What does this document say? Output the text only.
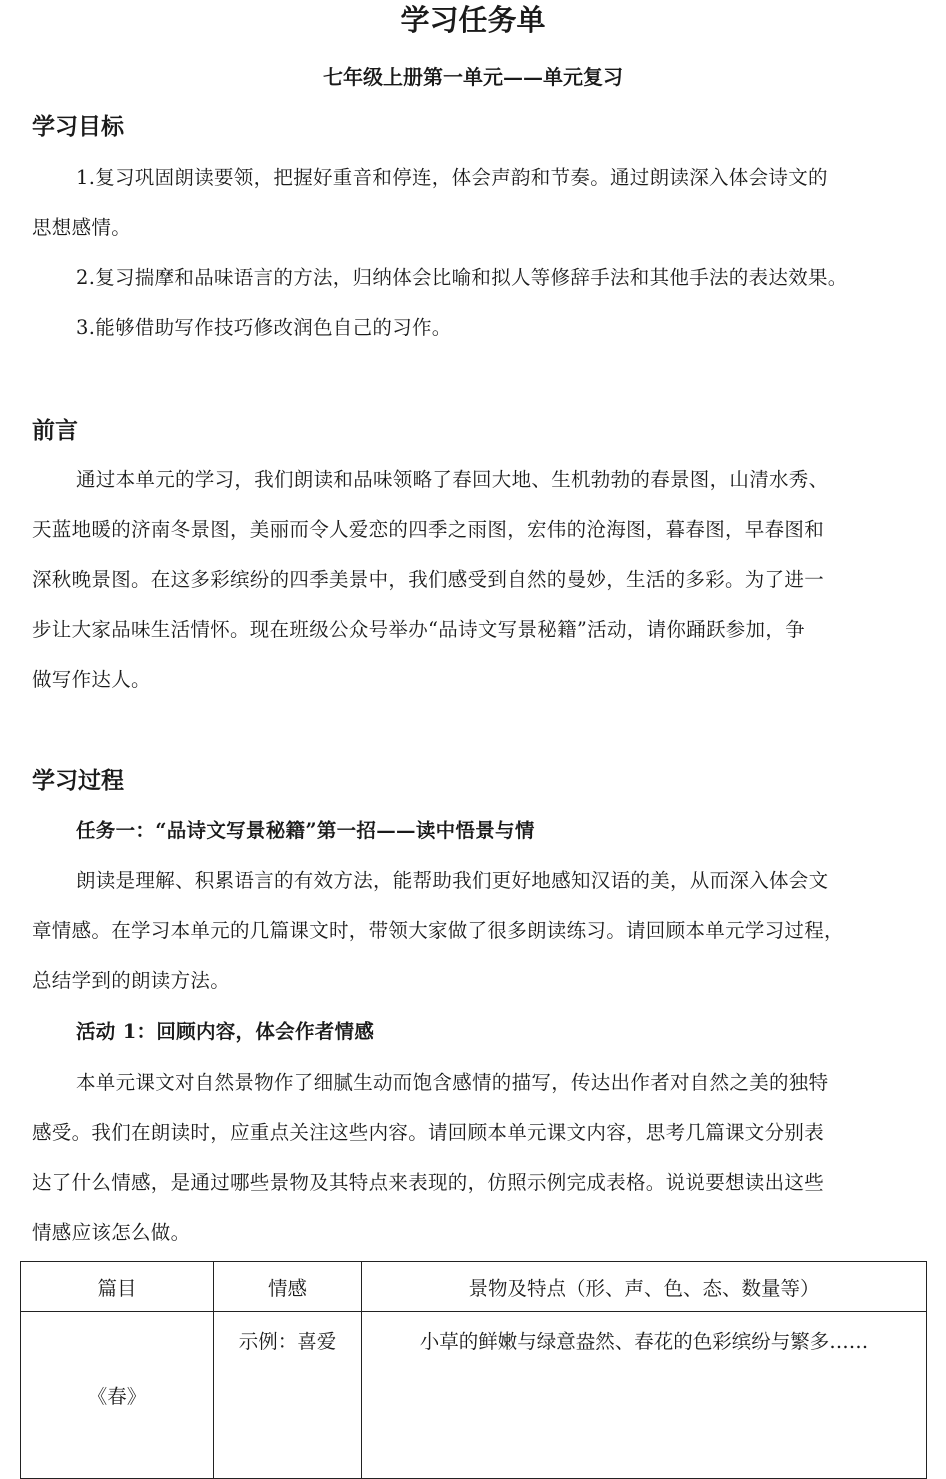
学习任务单
七年级上册第一单元——单元复习
学习目标
1.复习巩固朗读要领，把握好重音和停连，体会声韵和节奏。通过朗读深入体会诗文的
思想感情。
2.复习揣摩和品味语言的方法，归纳体会比喻和拟人等修辞手法和其他手法的表达效果。
3.能够借助写作技巧修改润色自己的习作。
前言
通过本单元的学习，我们朗读和品味领略了春回大地、生机勃勃的春景图，山清水秀、
天蓝地暖的济南冬景图，美丽而令人爱恋的四季之雨图，宏伟的沧海图，暮春图，早春图和
深秋晚景图。在这多彩缤纷的四季美景中，我们感受到自然的曼妙，生活的多彩。为了进一
步让大家品味生活情怀。现在班级公众号举办“品诗文写景秘籍”活动，请你踊跃参加，争
做写作达人。
学习过程
任务一：“品诗文写景秘籍”第一招——读中悟景与情
朗读是理解、积累语言的有效方法，能帮助我们更好地感知汉语的美，从而深入体会文
章情感。在学习本单元的几篇课文时，带领大家做了很多朗读练习。请回顾本单元学习过程，
总结学到的朗读方法。
活动 1：回顾内容，体会作者情感
本单元课文对自然景物作了细腻生动而饱含感情的描写，传达出作者对自然之美的独特
感受。我们在朗读时，应重点关注这些内容。请回顾本单元课文内容，思考几篇课文分别表
达了什么情感，是通过哪些景物及其特点来表现的，仿照示例完成表格。说说要想读出这些
情感应该怎么做。
篇目	情感	景物及特点（形、声、色、态、数量等）
《春》	示例：喜爱	小草的鲜嫩与绿意盎然、春花的色彩缤纷与繁多……
